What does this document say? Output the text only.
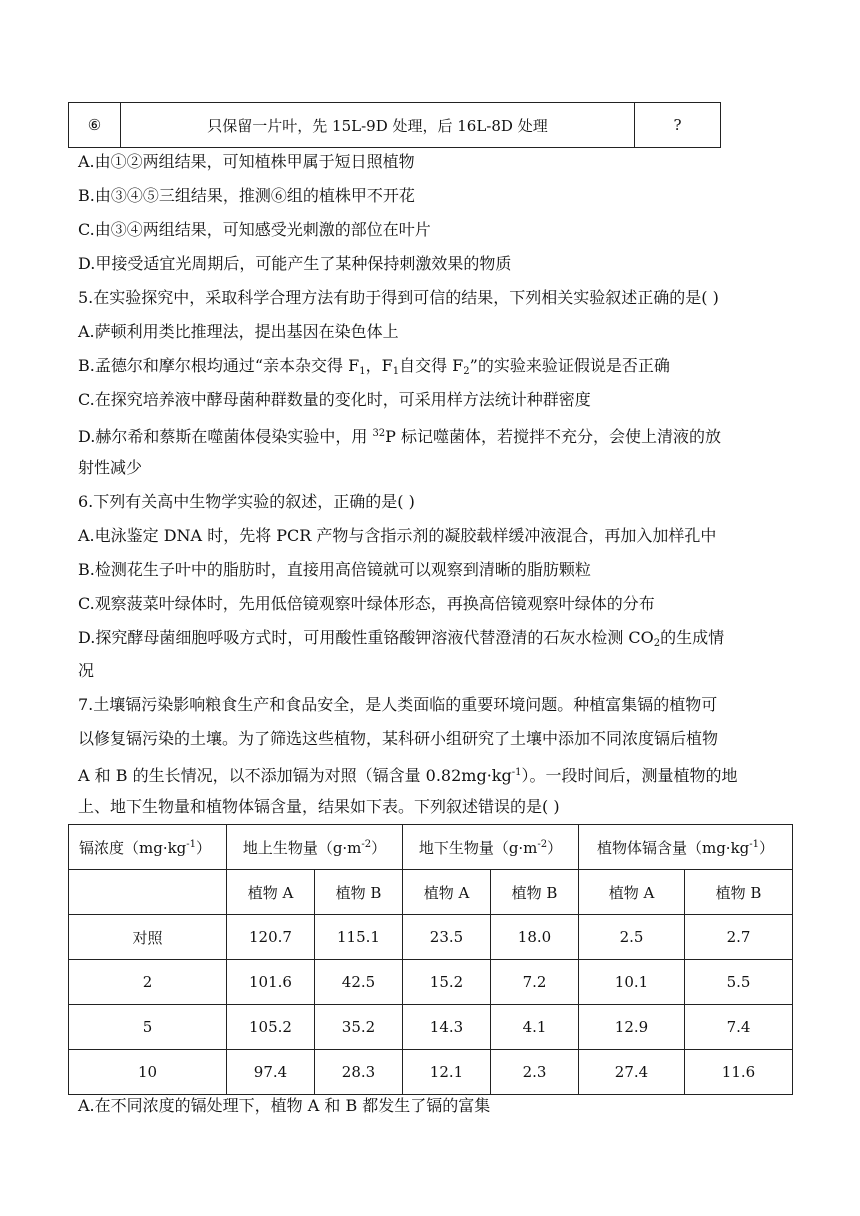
⑥	只保留一片叶，先 15L-9D 处理，后 16L-8D 处理	?
A.由①②两组结果，可知植株甲属于短日照植物
B.由③④⑤三组结果，推测⑥组的植株甲不开花
C.由③④两组结果，可知感受光刺激的部位在叶片
D.甲接受适宜光周期后，可能产生了某种保持刺激效果的物质
5.在实验探究中，采取科学合理方法有助于得到可信的结果，下列相关实验叙述正确的是( )
A.萨顿利用类比推理法，提出基因在染色体上
B.孟德尔和摩尔根均通过“亲本杂交得 $F_1$，$F_1$自交得 $F_2$”的实验来验证假说是否正确
C.在探究培养液中酵母菌种群数量的变化时，可采用样方法统计种群密度
D.赫尔希和蔡斯在噬菌体侵染实验中，用 $^{32}$P 标记噬菌体，若搅拌不充分，会使上清液的放
射性减少
6.下列有关高中生物学实验的叙述，正确的是( )
A.电泳鉴定 DNA 时，先将 PCR 产物与含指示剂的凝胶载样缓冲液混合，再加入加样孔中
B.检测花生子叶中的脂肪时，直接用高倍镜就可以观察到清晰的脂肪颗粒
C.观察菠菜叶绿体时，先用低倍镜观察叶绿体形态，再换高倍镜观察叶绿体的分布
D.探究酵母菌细胞呼吸方式时，可用酸性重铬酸钾溶液代替澄清的石灰水检测 $CO_2$的生成情
况
7.土壤镉污染影响粮食生产和食品安全，是人类面临的重要环境问题。种植富集镉的植物可
以修复镉污染的土壤。为了筛选这些植物，某科研小组研究了土壤中添加不同浓度镉后植物
A 和 B 的生长情况，以不添加镉为对照（镉含量 $0.82mg\cdot kg^{-1}$）。一段时间后，测量植物的地
上、地下生物量和植物体镉含量，结果如下表。下列叙述错误的是( )
镉浓度$(mg\cdot kg^{-1})$	地上生物量$(g\cdot m^{-2})$		地下生物量$(g\cdot m^{-2})$		植物体镉含量$(mg\cdot kg^{-1})$	
	植物 A	植物 B	植物 A	植物 B	植物 A	植物 B
对照	120.7	115.1	23.5	18.0	2.5	2.7
2	101.6	42.5	15.2	7.2	10.1	5.5
5	105.2	35.2	14.3	4.1	12.9	7.4
10	97.4	28.3	12.1	2.3	27.4	11.6
A.在不同浓度的镉处理下，植物 A 和 B 都发生了镉的富集
